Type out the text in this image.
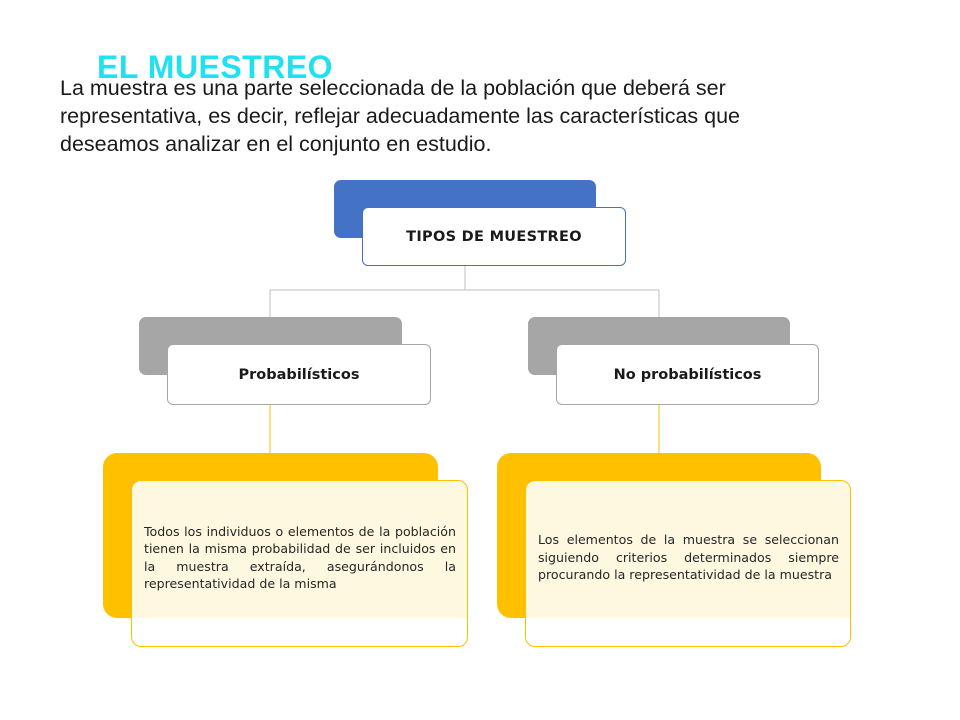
EL MUESTREO
La muestra es una parte seleccionada de la población que deberá ser representativa, es decir, reflejar adecuadamente las características que deseamos analizar en el conjunto en estudio.
TIPOS DE MUESTREO
Probabilísticos	No probabilísticos
Todos los individuos o elementos de la población tienen la misma probabilidad de ser incluidos en la muestra extraída, asegurándonos la representatividad de la misma
Los elementos de la muestra se seleccionan siguiendo criterios determinados siempre procurando la representatividad de la muestra
